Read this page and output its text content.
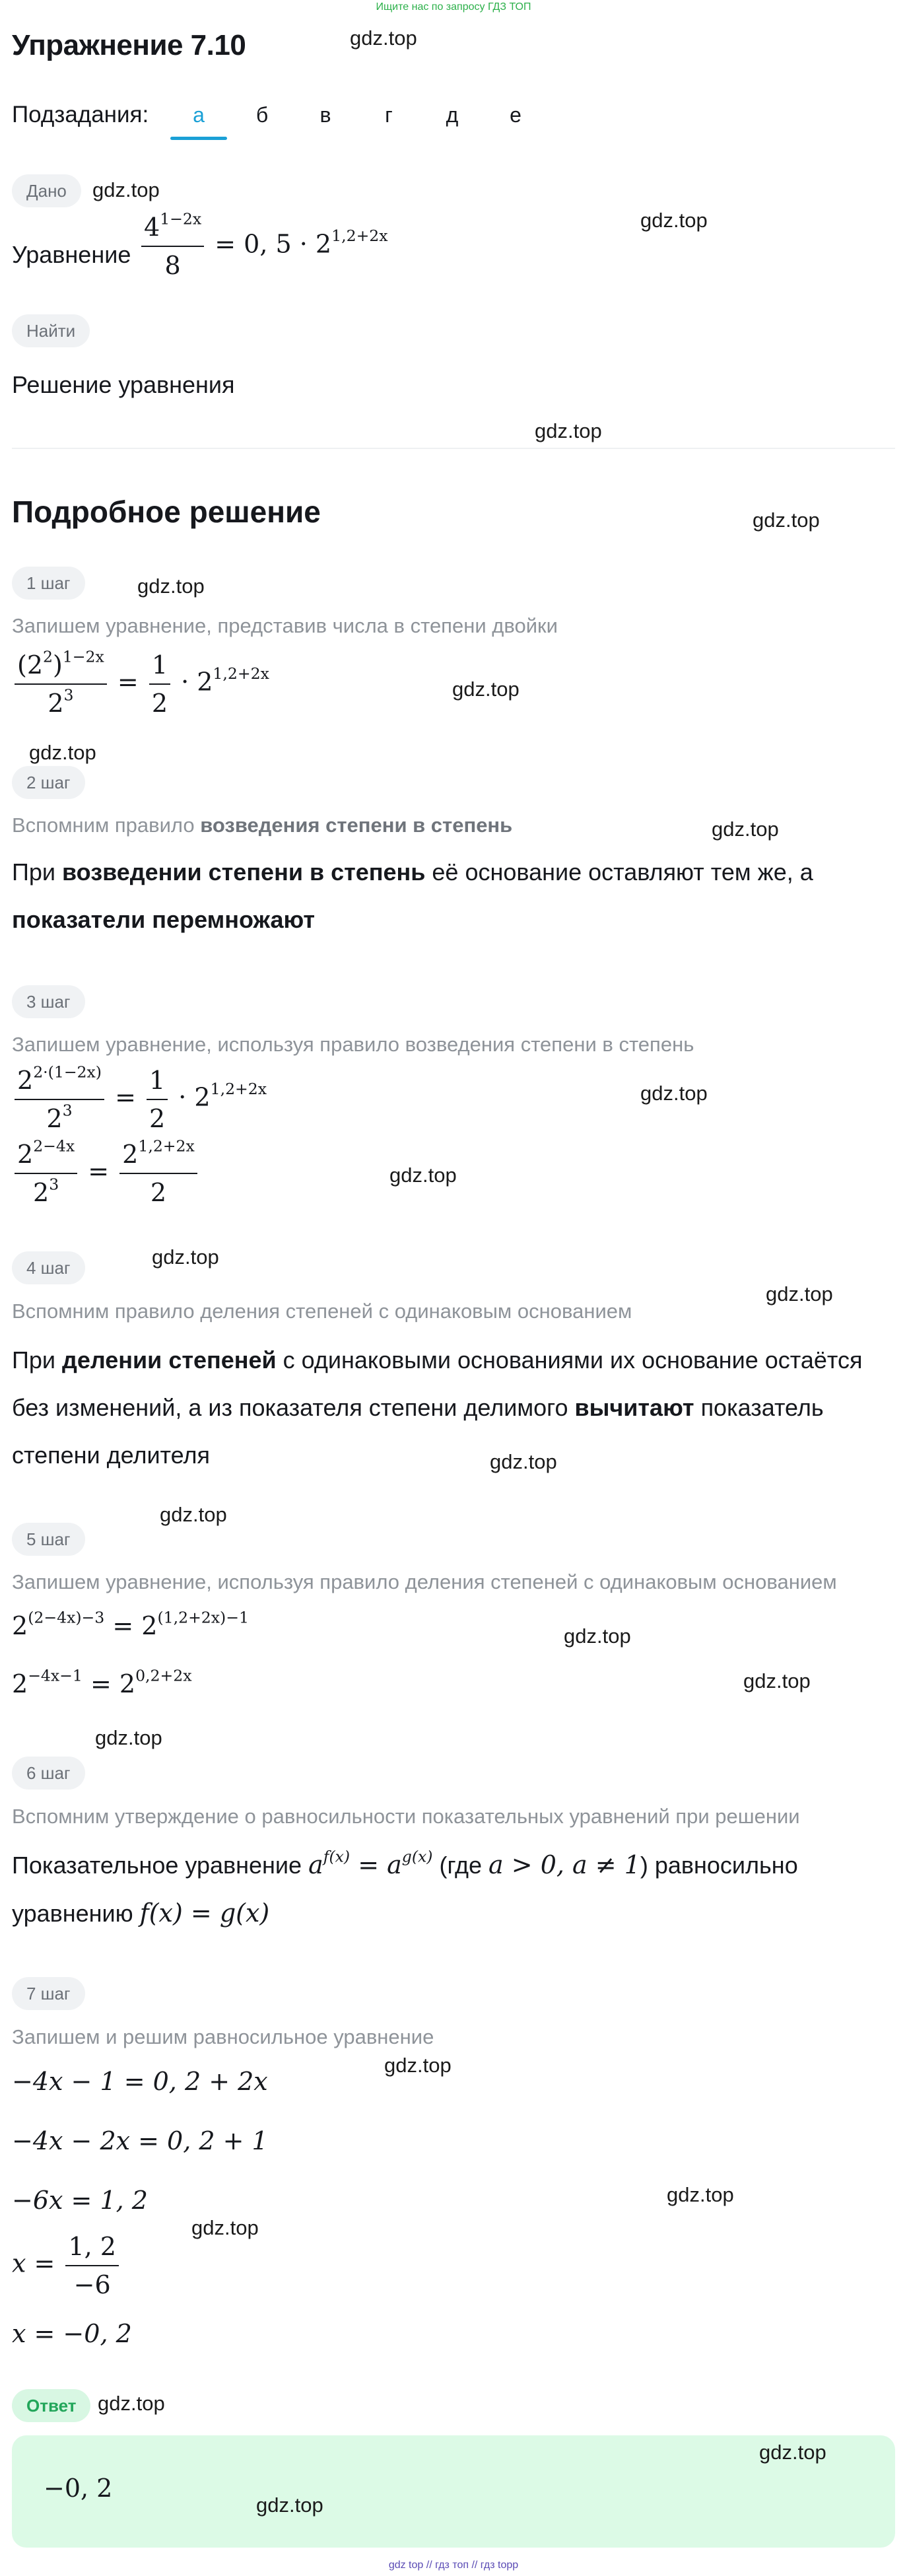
Ищите нас по запросу ГДЗ ТОП
Упражнение 7.10
Подзадания:	а	б	в	г	д	е
Дано
Уравнение $\frac{4^{1-2x}}{8} = 0$, $5 \cdot 2^{1,2+2x}$
Найти
Решение уравнения
Подробное решение
1 шаг
Запишем уравнение, представив числа в степени двойки
$\frac{(2^2)^{1-2x}}{2^3} = \frac{1}{2} \cdot 2^{1,2+2x}$
2 шаг
Вспомним правило возведения степени в степень
При возведении степени в степень её основание оставляют тем же, а
показатели перемножают
3 шаг
Запишем уравнение, используя правило возведения степени в степень
$\frac{2^{2\cdot(1-2x)}}{2^3} = \frac{1}{2} \cdot 2^{1,2+2x}$
$\frac{2^{2-4x}}{2^3} = \frac{2^{1,2+2x}}{2}$
4 шаг
Вспомним правило деления степеней с одинаковым основанием
При делении степеней с одинаковыми основаниями их основание остаётся
без изменений, а из показателя степени делимого вычитают показатель
степени делителя
5 шаг
Запишем уравнение, используя правило деления степеней с одинаковым основанием
$2^{(2-4x)-3} = 2^{(1,2+2x)-1}$
$2^{-4x-1} = 2^{0,2+2x}$
6 шаг
Вспомним утверждение о равносильности показательных уравнений при решении
Показательное уравнение $a^{f(x)} = a^{g(x)}$ (где a > 0, a ≠ 1) равносильно
уравнению f(x) = g(x)
7 шаг
Запишем и решим равносильное уравнение
−4x − 1 = 0, 2 + 2x
−4x − 2x = 0, 2 + 1
−6x = 1, 2
$x = \frac{1, 2}{-6}$
x = −0, 2
Ответ
−0, 2
gdz.top
gdz.top
gdz.top
gdz.top
gdz.top
gdz.top
gdz.top
gdz.top
gdz.top
gdz.top
gdz.top
gdz.top
gdz.top
gdz.top
gdz.top
gdz.top
gdz.top
gdz.top
gdz.top
gdz.top
gdz.top
gdz.top
gdz.top
gdz.top
gdz top // гдз топ // гдз topp
